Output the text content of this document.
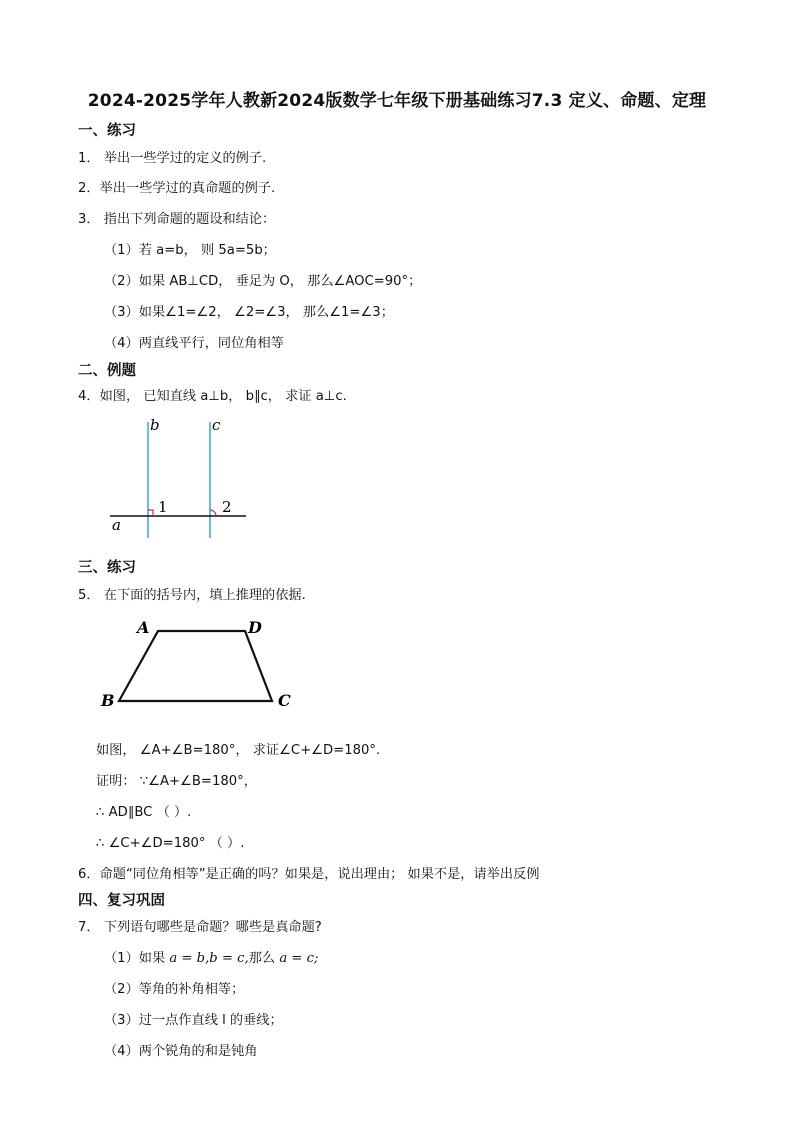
2024-2025学年人教新2024版数学七年级下册基础练习7.3 定义、命题、定理
一、练习
1． 举出一些学过的定义的例子.
2．举出一些学过的真命题的例子.
3． 指出下列命题的题设和结论：
（1）若 a=b， 则 5a=5b；
（2）如果 AB⊥CD， 垂足为 O， 那么∠AOC=90°；
（3）如果∠1=∠2， ∠2=∠3， 那么∠1=∠3；
（4）两直线平行，同位角相等
二、例题
4．如图， 已知直线 a⊥b， b∥c， 求证 a⊥c.
b	c
a
1	2
三、练习
5． 在下面的括号内，填上推理的依据.
A	D
B	C
如图， ∠A+∠B=180°， 求证∠C+∠D=180°.
证明： ∵∠A+∠B=180°，
∴ AD∥BC （ ）.
∴ ∠C+∠D=180° （ ）.
6．命题“同位角相等”是正确的吗？如果是，说出理由； 如果不是，请举出反例
四、复习巩固
7． 下列语句哪些是命题？哪些是真命题?
（1）如果 a = b,b = c,那么 a = c;
（2）等角的补角相等；
（3）过一点作直线 l 的垂线；
（4）两个锐角的和是钝角
